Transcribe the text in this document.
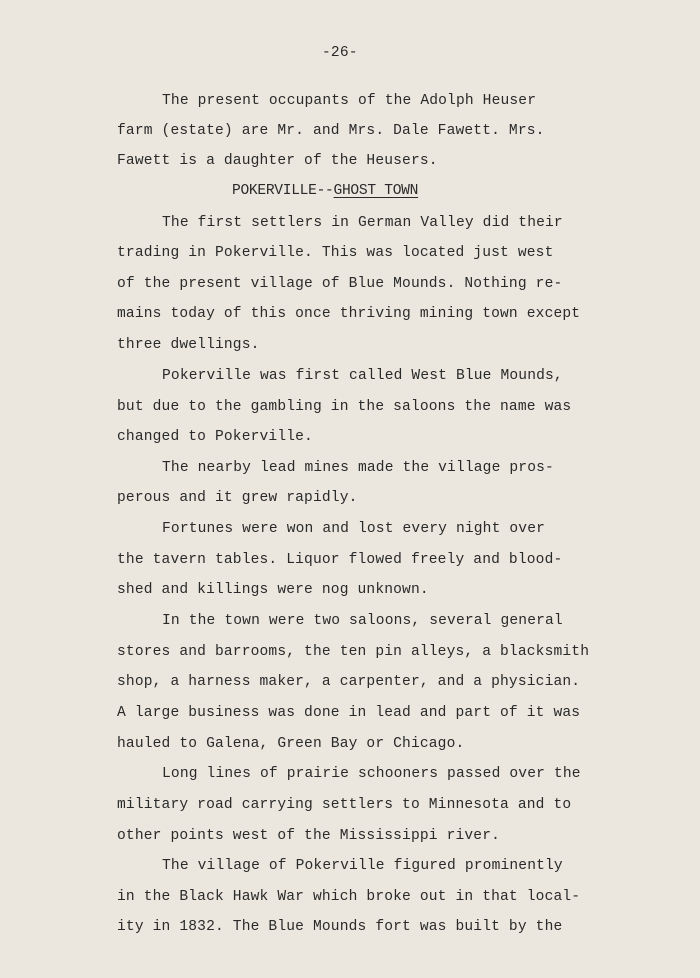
-26-
The present occupants of the Adolph Heuser
farm (estate) are Mr. and Mrs. Dale Fawett. Mrs.
Fawett is a daughter of the Heusers.
POKERVILLE--GHOST TOWN
The first settlers in German Valley did their
trading in Pokerville. This was located just west
of the present village of Blue Mounds. Nothing re-
mains today of this once thriving mining town except
three dwellings.
Pokerville was first called West Blue Mounds,
but due to the gambling in the saloons the name was
changed to Pokerville.
The nearby lead mines made the village pros-
perous and it grew rapidly.
Fortunes were won and lost every night over
the tavern tables. Liquor flowed freely and blood-
shed and killings were nog unknown.
In the town were two saloons, several general
stores and barrooms, the ten pin alleys, a blacksmith
shop, a harness maker, a carpenter, and a physician.
A large business was done in lead and part of it was
hauled to Galena, Green Bay or Chicago.
Long lines of prairie schooners passed over the
military road carrying settlers to Minnesota and to
other points west of the Mississippi river.
The village of Pokerville figured prominently
in the Black Hawk War which broke out in that local-
ity in 1832. The Blue Mounds fort was built by the
